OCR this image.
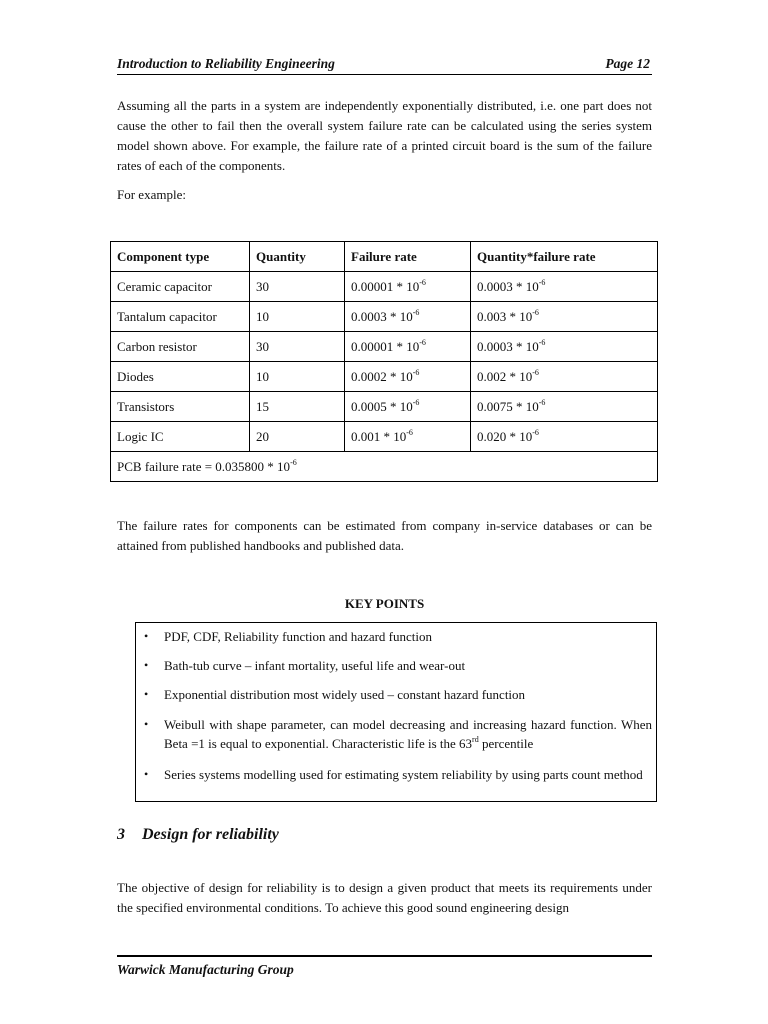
Introduction to Reliability Engineering	Page 12

Assuming all the parts in a system are independently exponentially distributed, i.e. one part does not cause the other to fail then the overall system failure rate can be calculated using the series system model shown above. For example, the failure rate of a printed circuit board is the sum of the failure rates of each of the components.

For example:

Component type	Quantity	Failure rate	Quantity*failure rate
Ceramic capacitor	30	$0.00001 * 10^{-6}$	$0.0003 * 10^{-6}$
Tantalum capacitor	10	$0.0003 * 10^{-6}$	$0.003 * 10^{-6}$
Carbon resistor	30	$0.00001 * 10^{-6}$	$0.0003 * 10^{-6}$
Diodes	10	$0.0002 * 10^{-6}$	$0.002 * 10^{-6}$
Transistors	15	$0.0005 * 10^{-6}$	$0.0075 * 10^{-6}$
Logic IC	20	$0.001 * 10^{-6}$	$0.020 * 10^{-6}$
PCB failure rate = $0.035800 * 10^{-6}$

The failure rates for components can be estimated from company in-service databases or can be attained from published handbooks and published data.

KEY POINTS
• PDF, CDF, Reliability function and hazard function
• Bath-tub curve – infant mortality, useful life and wear-out
• Exponential distribution most widely used – constant hazard function
• Weibull with shape parameter, can model decreasing and increasing hazard function. When Beta =1 is equal to exponential. Characteristic life is the 63rd percentile
• Series systems modelling used for estimating system reliability by using parts count method
3 Design for reliability

The objective of design for reliability is to design a given product that meets its requirements under the specified environmental conditions. To achieve this good sound engineering design

Warwick Manufacturing Group
